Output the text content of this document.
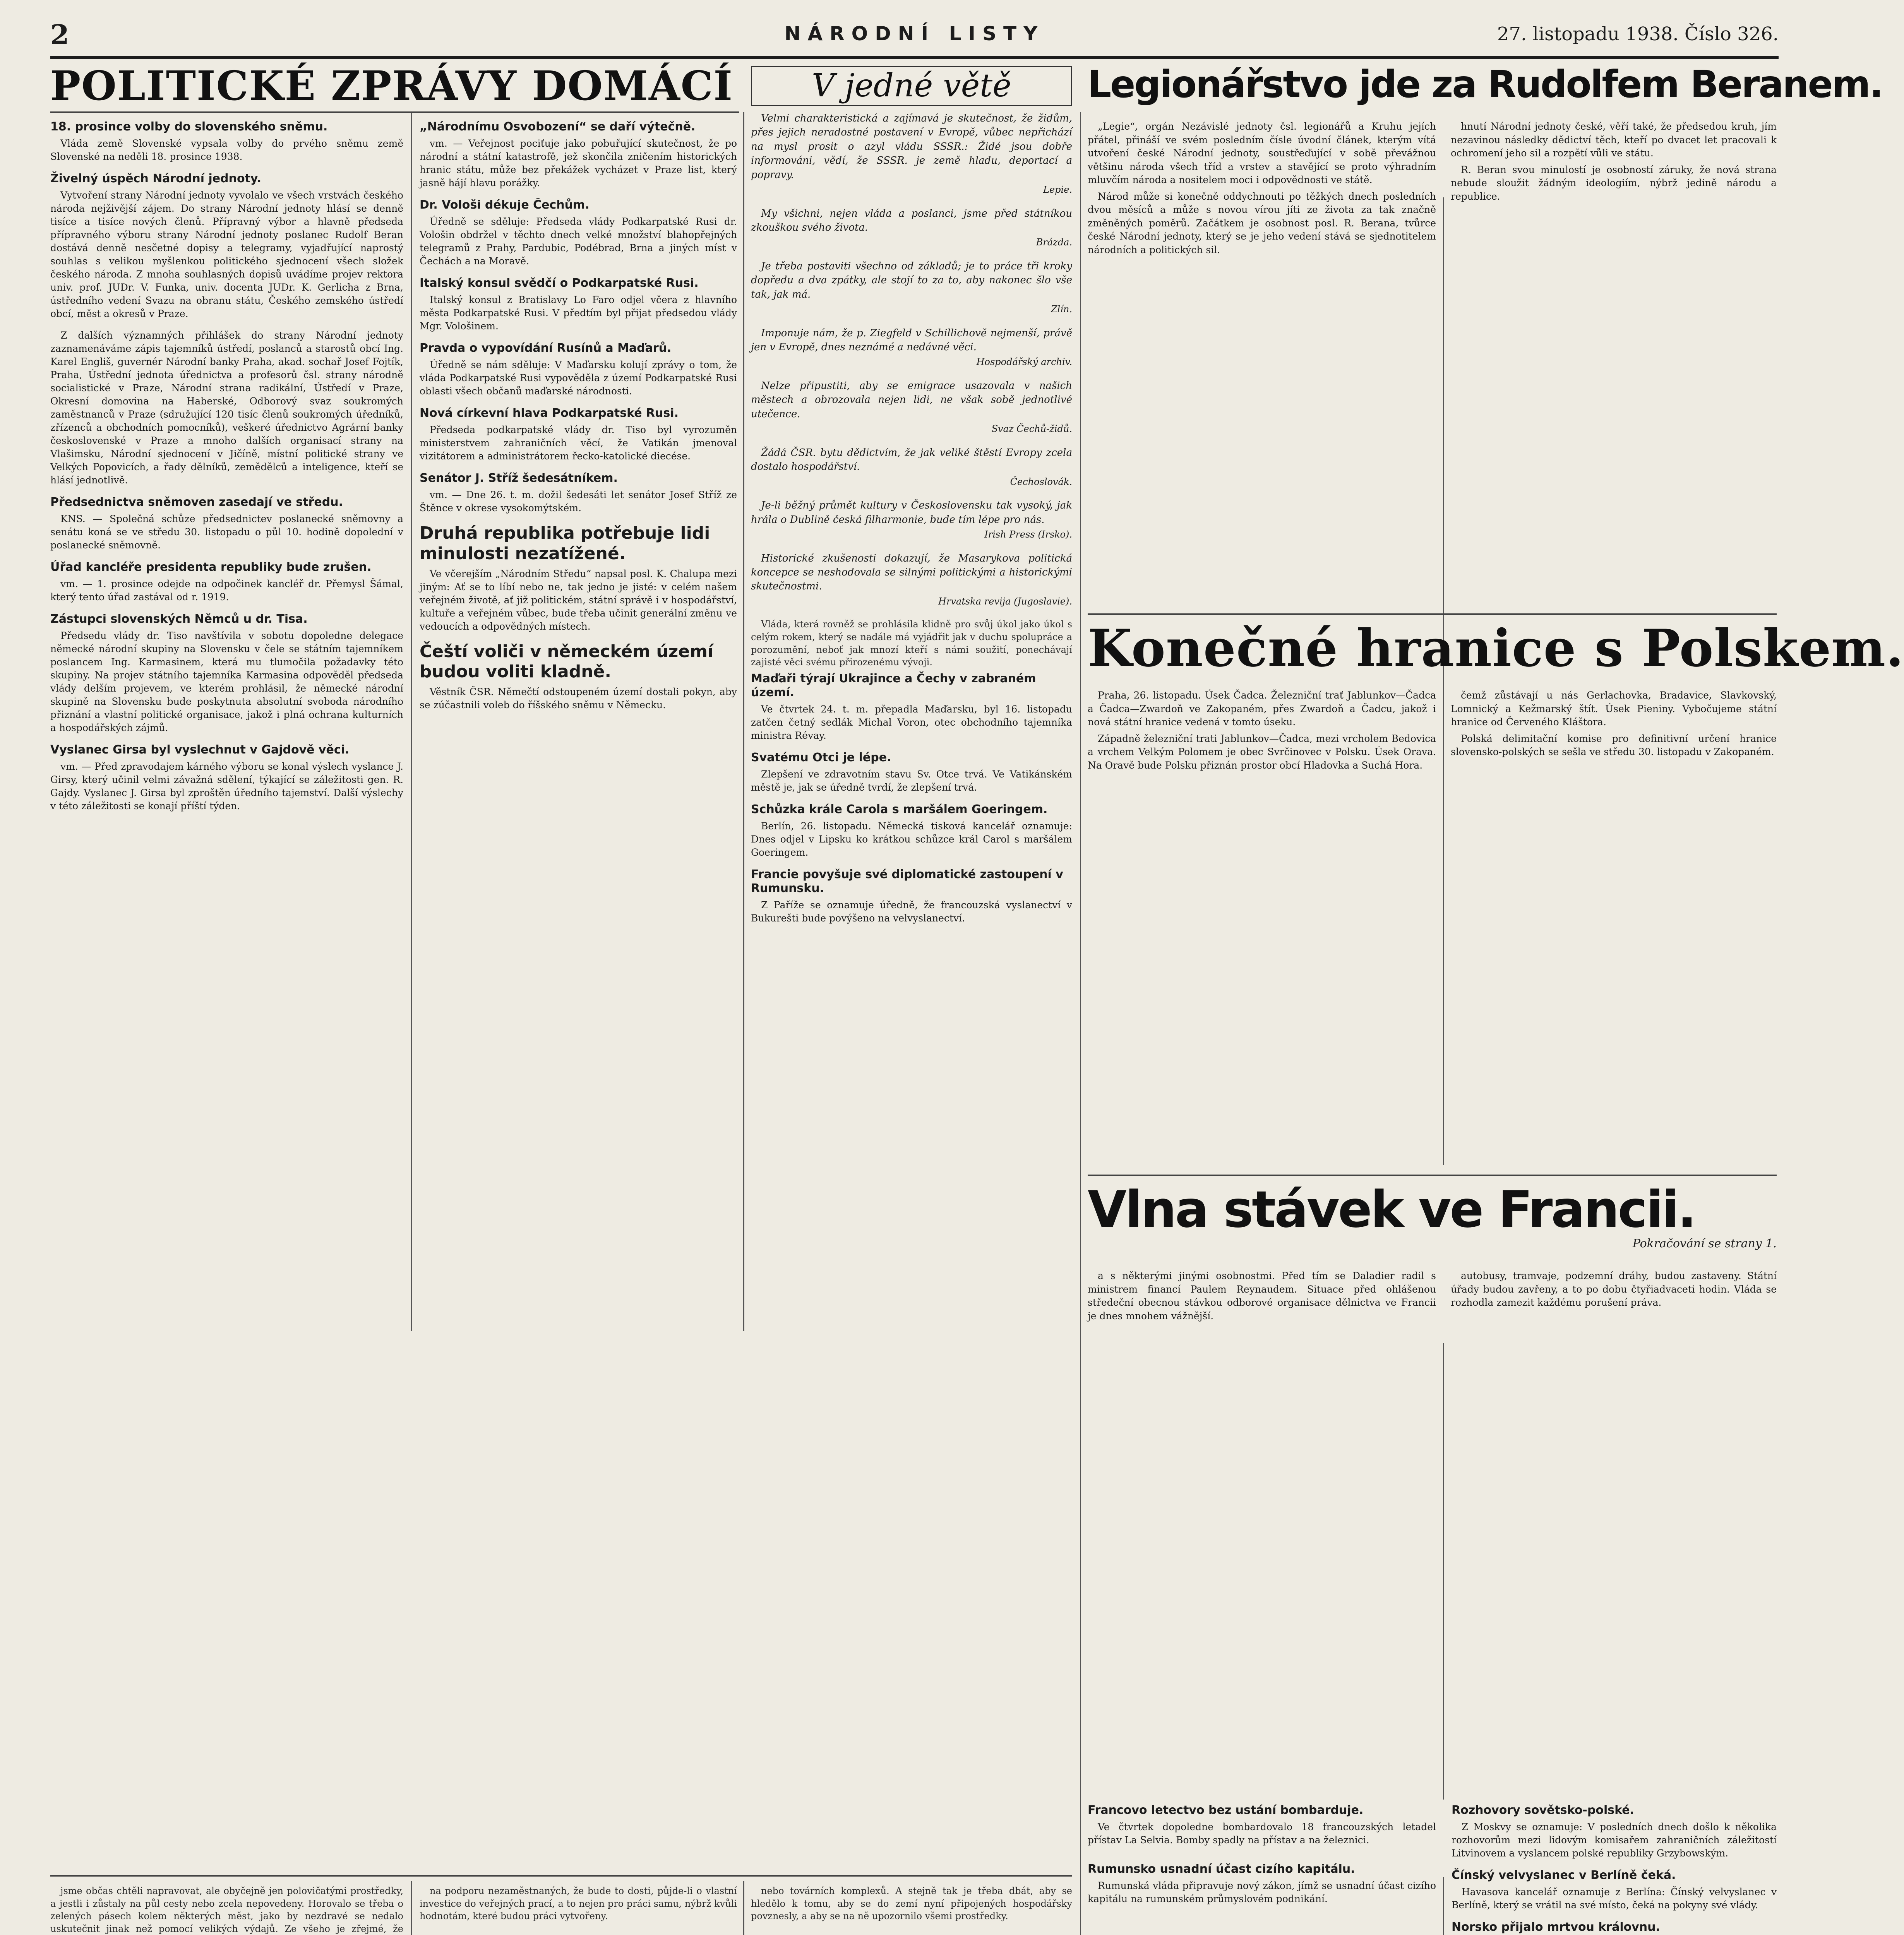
2	NÁRODNÍ LISTY	27. listopadu 1938. Číslo 326.
POLITICKÉ ZPRÁVY DOMÁCÍ
18. prosince volby do slovenského sněmu.

Vláda země Slovenské vypsala volby do prvého sněmu země Slovenské na neděli 18. prosince 1938.

Živelný úspěch Národní jednoty.

Vytvoření strany Národní jednoty vyvolalo ve všech vrstvách českého národa nejživější zájem. Do strany Národní jednoty hlásí se denně tisíce a tisíce nových členů. Přípravný výbor a hlavně předseda přípravného výboru strany Národní jednoty poslanec Rudolf Beran dostává denně nesčetné dopisy a telegramy, vyjadřující naprostý souhlas s velikou myšlenkou politického sjednocení všech složek českého národa. Z mnoha souhlasných dopisů uvádíme projev rektora univ. prof. JUDr. V. Funka, univ. docenta JUDr. K. Gerlicha z Brna, ústředního vedení Svazu na obranu státu, Českého zemského ústředí obcí, měst a okresů v Praze.

Z dalších významných přihlášek do strany Národní jednoty zaznamenáváme zápis tajemníků ústředí, poslanců a starostů obcí Ing. Karel Engliš, guvernér Národní banky Praha, akad. sochař Josef Fojtík, Praha, Ústřední jednota úřednictva a profesorů čsl. strany národně socialistické v Praze, Národní strana radikální, Ústředí v Praze, Okresní domovina na Haberské, Odborový svaz soukromých zaměstnanců v Praze (sdružující 120 tisíc členů soukromých úředníků, zřízenců a obchodních pomocníků), veškeré úřednictvo Agrární banky československé v Praze a mnoho dalších organisací strany na Vlašimsku, Národní sjednocení v Jičíně, místní politické strany ve Velkých Popovicích, a řady dělníků, zemědělců a inteligence, kteří se hlásí jednotlivě.

Předsednictva sněmoven zasedají ve středu.

KNS. — Společná schůze předsednictev poslanecké sněmovny a senátu koná se ve středu 30. listopadu o půl 10. hodině dopolední v poslanecké sněmovně.

Úřad kancléře presidenta republiky bude zrušen.

vm. — 1. prosince odejde na odpočinek kancléř dr. Přemysl Šámal, který tento úřad zastával od r. 1919.

Zástupci slovenských Němců u dr. Tisa.

Předsedu vlády dr. Tiso navštívila v sobotu dopoledne delegace německé národní skupiny na Slovensku v čele se státním tajemníkem poslancem Ing. Karmasinem, která mu tlumočila požadavky této skupiny. Na projev státního tajemníka Karmasina odpověděl předseda vlády delším projevem, ve kterém prohlásil, že německé národní skupině na Slovensku bude poskytnuta absolutní svoboda národního přiznání a vlastní politické organisace, jakož i plná ochrana kulturních a hospodářských zájmů.

Vyslanec Girsa byl vyslechnut v Gajdově věci.

vm. — Před zpravodajem kárného výboru se konal výslech vyslance J. Girsy, který učinil velmi závažná sdělení, týkající se záležitosti gen. R. Gajdy. Vyslanec J. Girsa byl zproštěn úředního tajemství. Další výslechy v této záležitosti se konají příští týden.

„Národnímu Osvobození“ se daří výtečně.

vm. — Veřejnost pociťuje jako pobuřující skutečnost, že po národní a státní katastrofě, jež skončila zničením historických hranic státu, může bez překážek vycházet v Praze list, který jasně hájí hlavu porážky.

Dr. Vološi dékuje Čechům.

Úředně se sděluje: Předseda vlády Podkarpatské Rusi dr. Vološin obdržel v těchto dnech velké množství blahopřejných telegramů z Prahy, Pardubic, Podébrad, Brna a jiných míst v Čechách a na Moravě.

Italský konsul svědčí o Podkarpatské Rusi.

Italský konsul z Bratislavy Lo Faro odjel včera z hlavního města Podkarpatské Rusi. V předtím byl přijat předsedou vlády Mgr. Vološinem.

Pravda o vypovídání Rusínů a Maďarů.

Úředně se nám sděluje: V Maďarsku kolují zprávy o tom, že vláda Podkarpatské Rusi vypověděla z území Podkarpatské Rusi oblasti všech občanů maďarské národnosti.

Nová církevní hlava Podkarpatské Rusi.

Předseda podkarpatské vlády dr. Tiso byl vyrozuměn ministerstvem zahraničních věcí, že Vatikán jmenoval vizitátorem a administrátorem řecko-katolické diecése.

Senátor J. Stříž šedesátníkem.

vm. — Dne 26. t. m. dožil šedesáti let senátor Josef Stříž ze Štěnce v okrese vysokomýtském.

Druhá republika potřebuje lidi minulosti nezatížené.

Ve včerejším „Národním Středu“ napsal posl. K. Chalupa mezi jiným: Ať se to líbí nebo ne, tak jedno je jisté: v celém našem veřejném životě, ať již politickém, státní správě i v hospodářství, kultuře a veřejném vůbec, bude třeba učinit generální změnu ve vedoucích a odpovědných místech.

Čeští voliči v německém území budou voliti kladně.

Věstník ČSR. Němečtí odstoupeném území dostali pokyn, aby se zúčastnili voleb do říšského sněmu v Německu.

V jedné větě

Velmi charakteristická a zajímavá je skutečnost, že židům, přes jejich neradostné postavení v Evropě, vůbec nepřichází na mysl prosit o azyl vládu SSSR.: Židé jsou dobře informováni, vědí, že SSSR. je země hladu, deportací a popravy.

Lepie.

My všichni, nejen vláda a poslanci, jsme před státníkou zkouškou svého života.

Brázda.

Je třeba postaviti všechno od základů; je to práce tři kroky dopředu a dva zpátky, ale stojí to za to, aby nakonec šlo vše tak, jak má.

Zlín.

Imponuje nám, že p. Ziegfeld v Schillichově nejmenší, právě jen v Evropě, dnes neznámé a nedávné věci.

Hospodářský archiv.

Nelze připustiti, aby se emigrace usazovala v našich městech a obrozovala nejen lidi, ne však sobě jednotlivé utečence.

Svaz Čechů-židů.

Žádá ČSR. bytu dědictvím, že jak veliké štěstí Evropy zcela dostalo hospodářství.

Čechoslovák.

Je-li běžný průmět kultury v Československu tak vysoký, jak hrála o Dublině česká filharmonie, bude tím lépe pro nás.

Irish Press (Irsko).

Historické zkušenosti dokazují, že Masarykova politická koncepce se neshodovala se silnými politickými a historickými skutečnostmi.

Hrvatska revija (Jugoslavie).

Vláda, která rovněž se prohlásila klidně pro svůj úkol jako úkol s celým rokem, který se nadále má vyjádřit jak v duchu spolupráce a porozumění, neboť jak mnozí kteří s námi soužití, ponechávají zajisté věci svému přirozenému vývoji.

Maďaři týrají Ukrajince a Čechy v zabraném území.

Ve čtvrtek 24. t. m. přepadla Maďarsku, byl 16. listopadu zatčen četný sedlák Michal Voron, otec obchodního tajemníka ministra Révay.

Svatému Otci je lépe.

Zlepšení ve zdravotním stavu Sv. Otce trvá. Ve Vatikánském městě je, jak se úředně tvrdí, že zlepšení trvá.

Schůzka krále Carola s maršálem Goeringem.

Berlín, 26. listopadu. Německá tisková kancelář oznamuje: Dnes odjel v Lipsku ko krátkou schůzce král Carol s maršálem Goeringem.

Francie povyšuje své diplomatické zastoupení v Rumunsku.

Z Paříže se oznamuje úředně, že francouzská vyslanectví v Bukurešti bude povýšeno na velvyslanectví.

Legionářstvo jde za Rudolfem Beranem.

„Legie“, orgán Nezávislé jednoty čsl. legionářů a Kruhu jejích přátel, přináší ve svém posledním čísle úvodní článek, kterým vítá utvoření české Národní jednoty, soustřeďující v sobě převážnou většinu národa všech tříd a vrstev a stavějící se proto výhradním mluvčím národa a nositelem moci i odpovědnosti ve státě.

Národ může si konečně oddychnouti po těžkých dnech posledních dvou měsíců a může s novou vírou jíti ze života za tak značně změněných poměrů. Začátkem je osobnost posl. R. Berana, tvůrce české Národní jednoty, který se je jeho vedení stává se sjednotitelem národních a politických sil.

hnutí Národní jednoty české, věří také, že předsedou kruh, jím nezavinou následky dědictví těch, kteří po dvacet let pracovali k ochromení jeho sil a rozpětí vůli ve státu.

R. Beran svou minulostí je osobností záruky, že nová strana nebude sloužit žádným ideologiím, nýbrž jedině národu a republice.

Konečné hranice s Polskem.

Praha, 26. listopadu. Úsek Čadca. Železniční trať Jablunkov—Čadca a Čadca—Zwardoň ve Zakopaném, přes Zwardoň a Čadcu, jakož i nová státní hranice vedená v tomto úseku.

Západně železniční trati Jablunkov—Čadca, mezi vrcholem Bedovica a vrchem Velkým Polomem je obec Svrčinovec v Polsku. Úsek Orava. Na Oravě bude Polsku přiznán prostor obcí Hladovka a Suchá Hora.

čemž zůstávají u nás Gerlachovka, Bradavice, Slavkovský, Lomnický a Kežmarský štít. Úsek Pieniny. Vybočujeme státní hranice od Červeného Kláštora.

Polská delimitační komise pro definitivní určení hranice slovensko-polských se sešla ve středu 30. listopadu v Zakopaném.

Vlna stávek ve Francii.
Pokračování se strany 1.

a s některými jinými osobnostmi. Před tím se Daladier radil s ministrem financí Paulem Reynaudem. Situace před ohlášenou středeční obecnou stávkou odborové organisace dělnictva ve Francii je dnes mnohem vážnější.

autobusy, tramvaje, podzemní dráhy, budou zastaveny. Státní úřady budou zavřeny, a to po dobu čtyřiadvaceti hodin. Vláda se rozhodla zamezit každému porušení práva.

jsme občas chtěli napravovat, ale obyčejně jen polovičatými prostředky, a jestli i zůstaly na půl cesty nebo zcela nepovedeny. Horovalo se třeba o zelených pásech kolem některých měst, jako by nezdravé se nedalo uskutečnit jinak než pomocí velikých výdajů. Ze všeho je zřejmé, že

na podporu nezaměstnaných, že bude to dosti, půjde-li o vlastní investice do veřejných prací, a to nejen pro práci samu, nýbrž kvůli hodnotám, které budou práci vytvořeny.

nebo továrních komplexů. A stejně tak je třeba dbát, aby se hledělo k tomu, aby se do zemí nyní připojených hospodářsky povznesly, a aby se na ně upozornilo všemi prostředky.

Francovo letectvo bez ustání bombarduje.

Ve čtvrtek dopoledne bombardovalo 18 francouzských letadel přístav La Selvia. Bomby spadly na přístav a na železnici.

Rumunsko usnadní účast cizího kapitálu.

Rumunská vláda připravuje nový zákon, jímž se usnadní účast cizího kapitálu na rumunském průmyslovém podnikání.

Rozhovory sovětsko-polské.

Z Moskvy se oznamuje: V posledních dnech došlo k několika rozhovorům mezi lidovým komisařem zahraničních záležitostí Litvinovem a vyslancem polské republiky Grzybowským.

Čínský velvyslanec v Berlíně čeká.

Havasova kancelář oznamuje z Berlína: Čínský velvyslanec v Berlíně, který se vrátil na své místo, čeká na pokyny své vlády.

Norsko přijalo mrtvou královnu.
